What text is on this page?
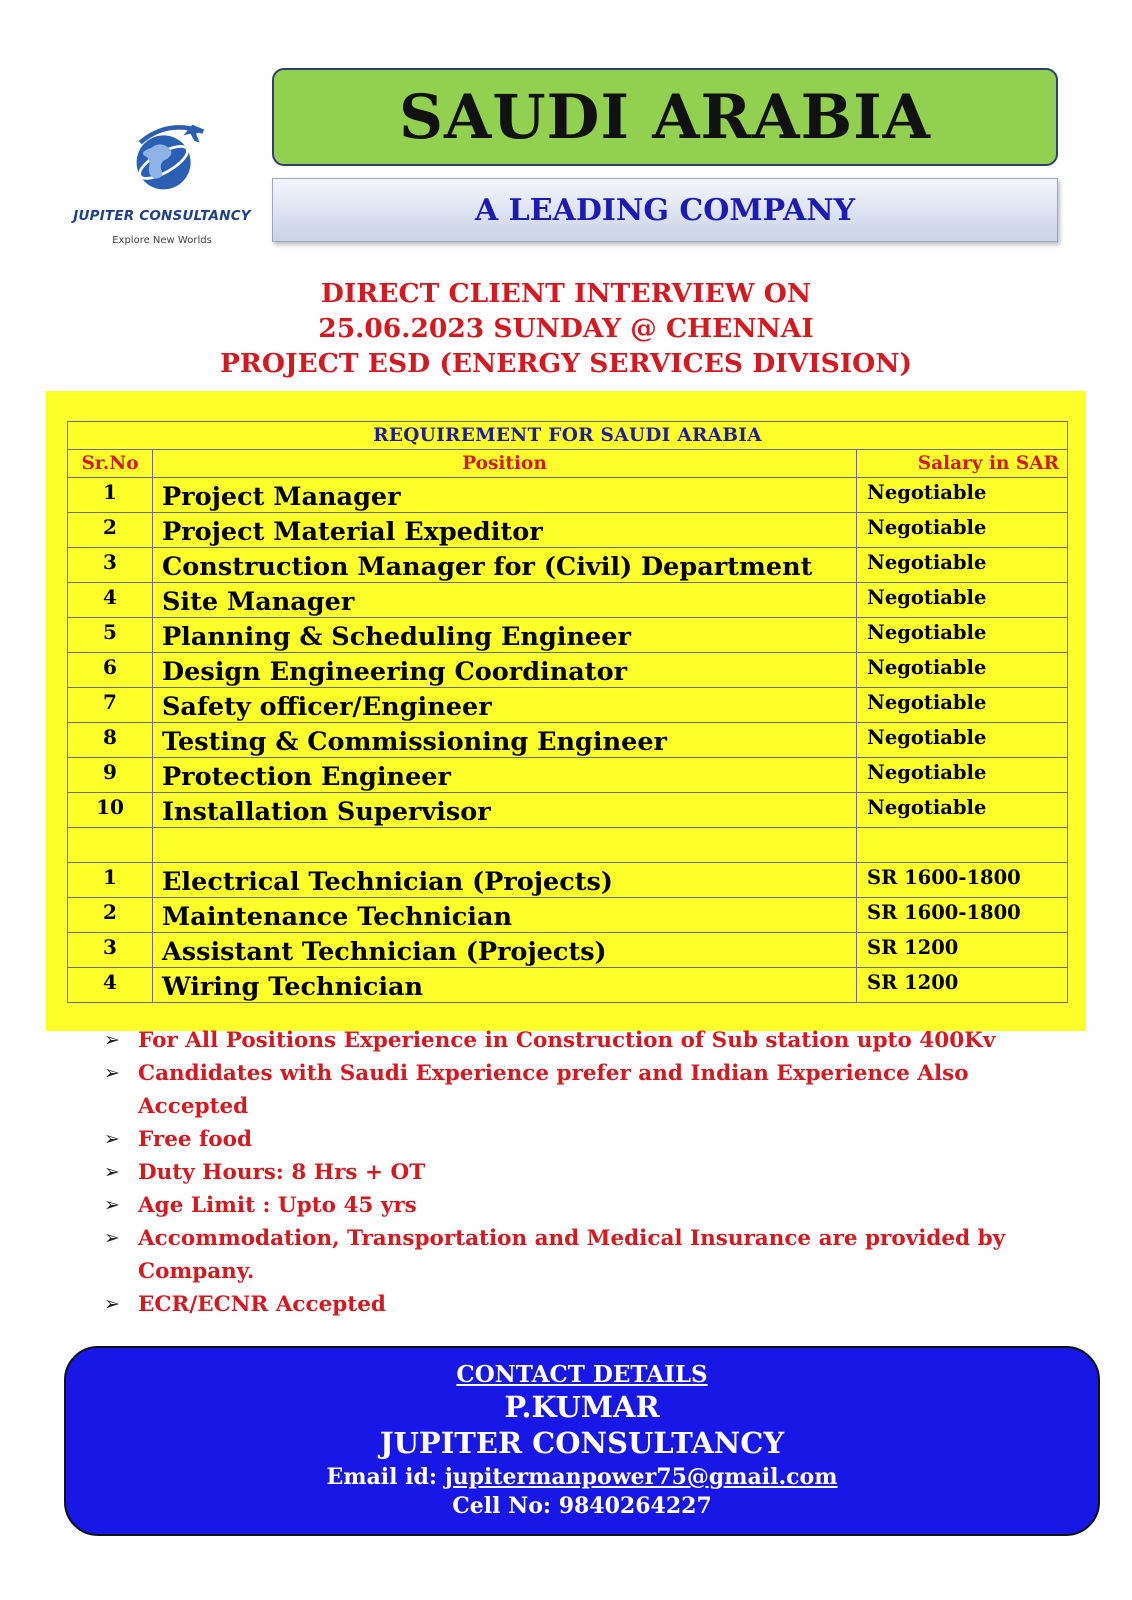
JUPITER CONSULTANCY
Explore New Worlds
SAUDI ARABIA
A LEADING COMPANY
DIRECT CLIENT INTERVIEW ON
25.06.2023 SUNDAY @ CHENNAI
PROJECT ESD (ENERGY SERVICES DIVISION)
REQUIREMENT FOR SAUDI ARABIA		
Sr.No	Position	Salary in SAR
1	Project Manager	Negotiable
2	Project Material Expeditor	Negotiable
3	Construction Manager for (Civil) Department	Negotiable
4	Site Manager	Negotiable
5	Planning & Scheduling Engineer	Negotiable
6	Design Engineering Coordinator	Negotiable
7	Safety officer/Engineer	Negotiable
8	Testing & Commissioning Engineer	Negotiable
9	Protection Engineer	Negotiable
10	Installation Supervisor	Negotiable

1	Electrical Technician (Projects)	SR 1600-1800
2	Maintenance Technician	SR 1600-1800
3	Assistant Technician (Projects)	SR 1200
4	Wiring Technician	SR 1200
➢ For All Positions Experience in Construction of Sub station upto 400Kv
➢ Candidates with Saudi Experience prefer and Indian Experience Also Accepted
➢ Free food
➢ Duty Hours: 8 Hrs + OT
➢ Age Limit : Upto 45 yrs
➢ Accommodation, Transportation and Medical Insurance are provided by Company.
➢ ECR/ECNR Accepted
CONTACT DETAILS
P.KUMAR
JUPITER CONSULTANCY
Email id: jupitermanpower75@gmail.com
Cell No: 9840264227
